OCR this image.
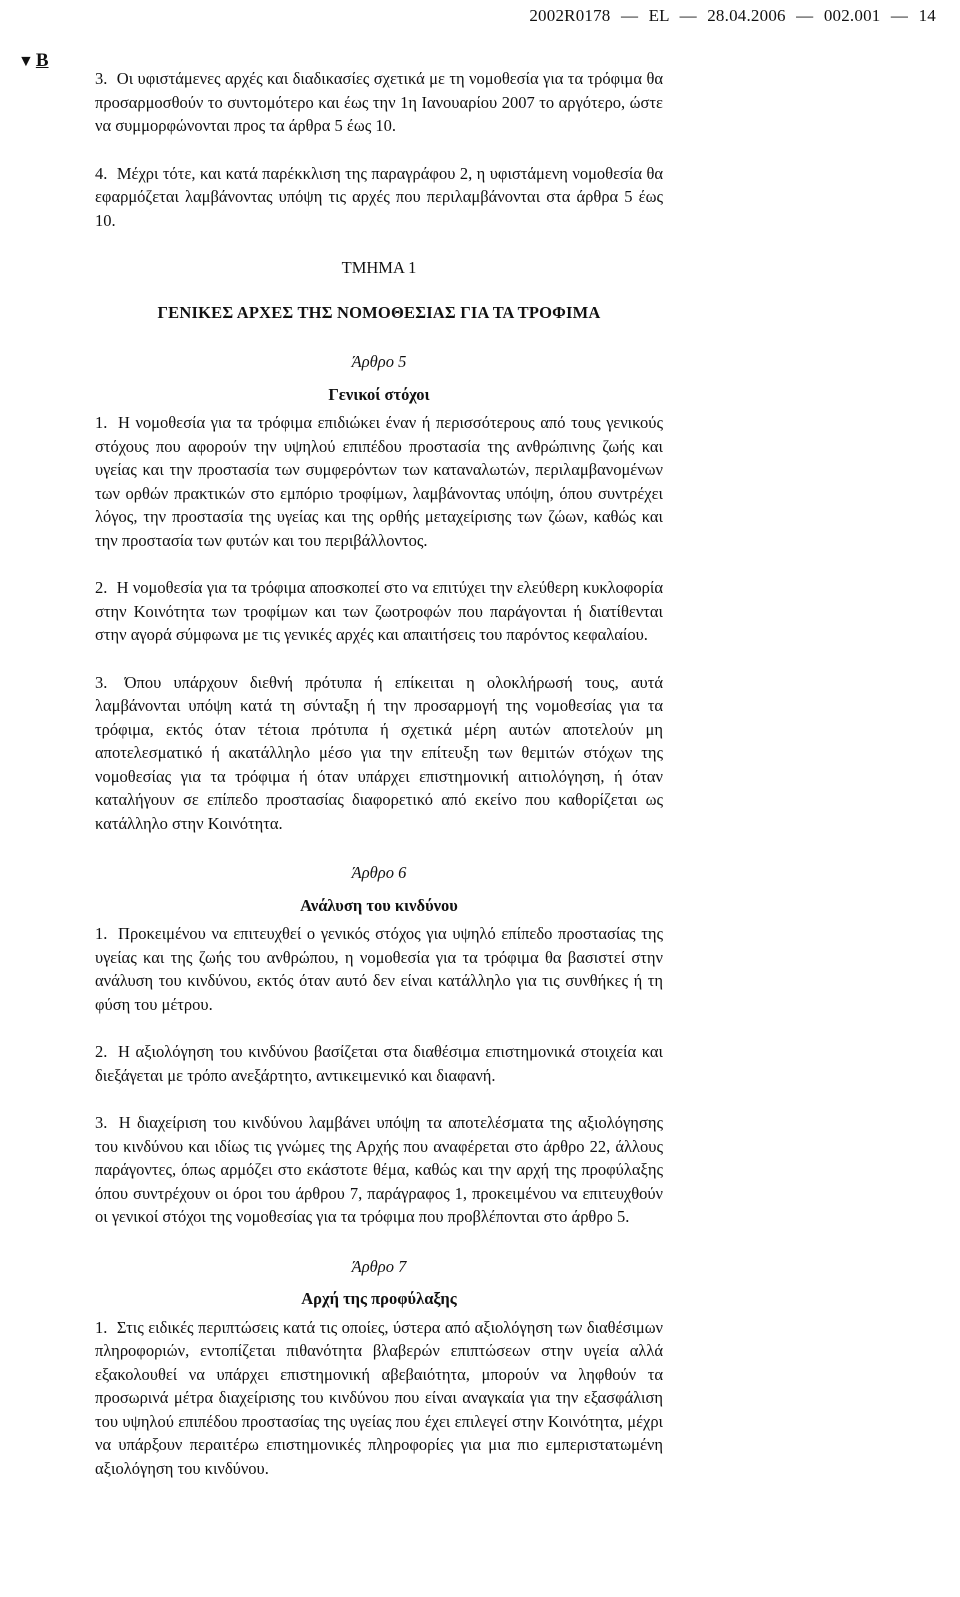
2002R0178 — EL — 28.04.2006 — 002.001 — 14
▼ B

3. Οι υφιστάμενες αρχές και διαδικασίες σχετικά με τη νομοθεσία για τα τρόφιμα θα προσαρμοσθούν το συντομότερο και έως την 1η Ιανουαρίου 2007 το αργότερο, ώστε να συμμορφώνονται προς τα άρθρα 5 έως 10.

4. Μέχρι τότε, και κατά παρέκκλιση της παραγράφου 2, η υφιστάμενη νομοθεσία θα εφαρμόζεται λαμβάνοντας υπόψη τις αρχές που περιλαμβάνονται στα άρθρα 5 έως 10.

ΤΜΗΜΑ 1

ΓΕΝΙΚΕΣ ΑΡΧΕΣ ΤΗΣ ΝΟΜΟΘΕΣΙΑΣ ΓΙΑ ΤΑ ΤΡΟΦΙΜΑ

Άρθρο 5

Γενικοί στόχοι

1. Η νομοθεσία για τα τρόφιμα επιδιώκει έναν ή περισσότερους από τους γενικούς στόχους που αφορούν την υψηλού επιπέδου προστασία της ανθρώπινης ζωής και υγείας και την προστασία των συμφερόντων των καταναλωτών, περιλαμβανομένων των ορθών πρακτικών στο εμπόριο τροφίμων, λαμβάνοντας υπόψη, όπου συντρέχει λόγος, την προστασία της υγείας και της ορθής μεταχείρισης των ζώων, καθώς και την προστασία των φυτών και του περιβάλλοντος.

2. Η νομοθεσία για τα τρόφιμα αποσκοπεί στο να επιτύχει την ελεύθερη κυκλοφορία στην Κοινότητα των τροφίμων και των ζωοτροφών που παράγονται ή διατίθενται στην αγορά σύμφωνα με τις γενικές αρχές και απαιτήσεις του παρόντος κεφαλαίου.

3. Όπου υπάρχουν διεθνή πρότυπα ή επίκειται η ολοκλήρωσή τους, αυτά λαμβάνονται υπόψη κατά τη σύνταξη ή την προσαρμογή της νομοθεσίας για τα τρόφιμα, εκτός όταν τέτοια πρότυπα ή σχετικά μέρη αυτών αποτελούν μη αποτελεσματικό ή ακατάλληλο μέσο για την επίτευξη των θεμιτών στόχων της νομοθεσίας για τα τρόφιμα ή όταν υπάρχει επιστημονική αιτιολόγηση, ή όταν καταλήγουν σε επίπεδο προστασίας διαφορετικό από εκείνο που καθορίζεται ως κατάλληλο στην Κοινότητα.

Άρθρο 6

Ανάλυση του κινδύνου

1. Προκειμένου να επιτευχθεί ο γενικός στόχος για υψηλό επίπεδο προστασίας της υγείας και της ζωής του ανθρώπου, η νομοθεσία για τα τρόφιμα θα βασιστεί στην ανάλυση του κινδύνου, εκτός όταν αυτό δεν είναι κατάλληλο για τις συνθήκες ή τη φύση του μέτρου.

2. Η αξιολόγηση του κινδύνου βασίζεται στα διαθέσιμα επιστημονικά στοιχεία και διεξάγεται με τρόπο ανεξάρτητο, αντικειμενικό και διαφανή.

3. Η διαχείριση του κινδύνου λαμβάνει υπόψη τα αποτελέσματα της αξιολόγησης του κινδύνου και ιδίως τις γνώμες της Αρχής που αναφέρεται στο άρθρο 22, άλλους παράγοντες, όπως αρμόζει στο εκάστοτε θέμα, καθώς και την αρχή της προφύλαξης όπου συντρέχουν οι όροι του άρθρου 7, παράγραφος 1, προκειμένου να επιτευχθούν οι γενικοί στόχοι της νομοθεσίας για τα τρόφιμα που προβλέπονται στο άρθρο 5.

Άρθρο 7

Αρχή της προφύλαξης

1. Στις ειδικές περιπτώσεις κατά τις οποίες, ύστερα από αξιολόγηση των διαθέσιμων πληροφοριών, εντοπίζεται πιθανότητα βλαβερών επιπτώσεων στην υγεία αλλά εξακολουθεί να υπάρχει επιστημονική αβεβαιότητα, μπορούν να ληφθούν τα προσωρινά μέτρα διαχείρισης του κινδύνου που είναι αναγκαία για την εξασφάλιση του υψηλού επιπέδου προστασίας της υγείας που έχει επιλεγεί στην Κοινότητα, μέχρι να υπάρξουν περαιτέρω επιστημονικές πληροφορίες για μια πιο εμπεριστατωμένη αξιολόγηση του κινδύνου.
